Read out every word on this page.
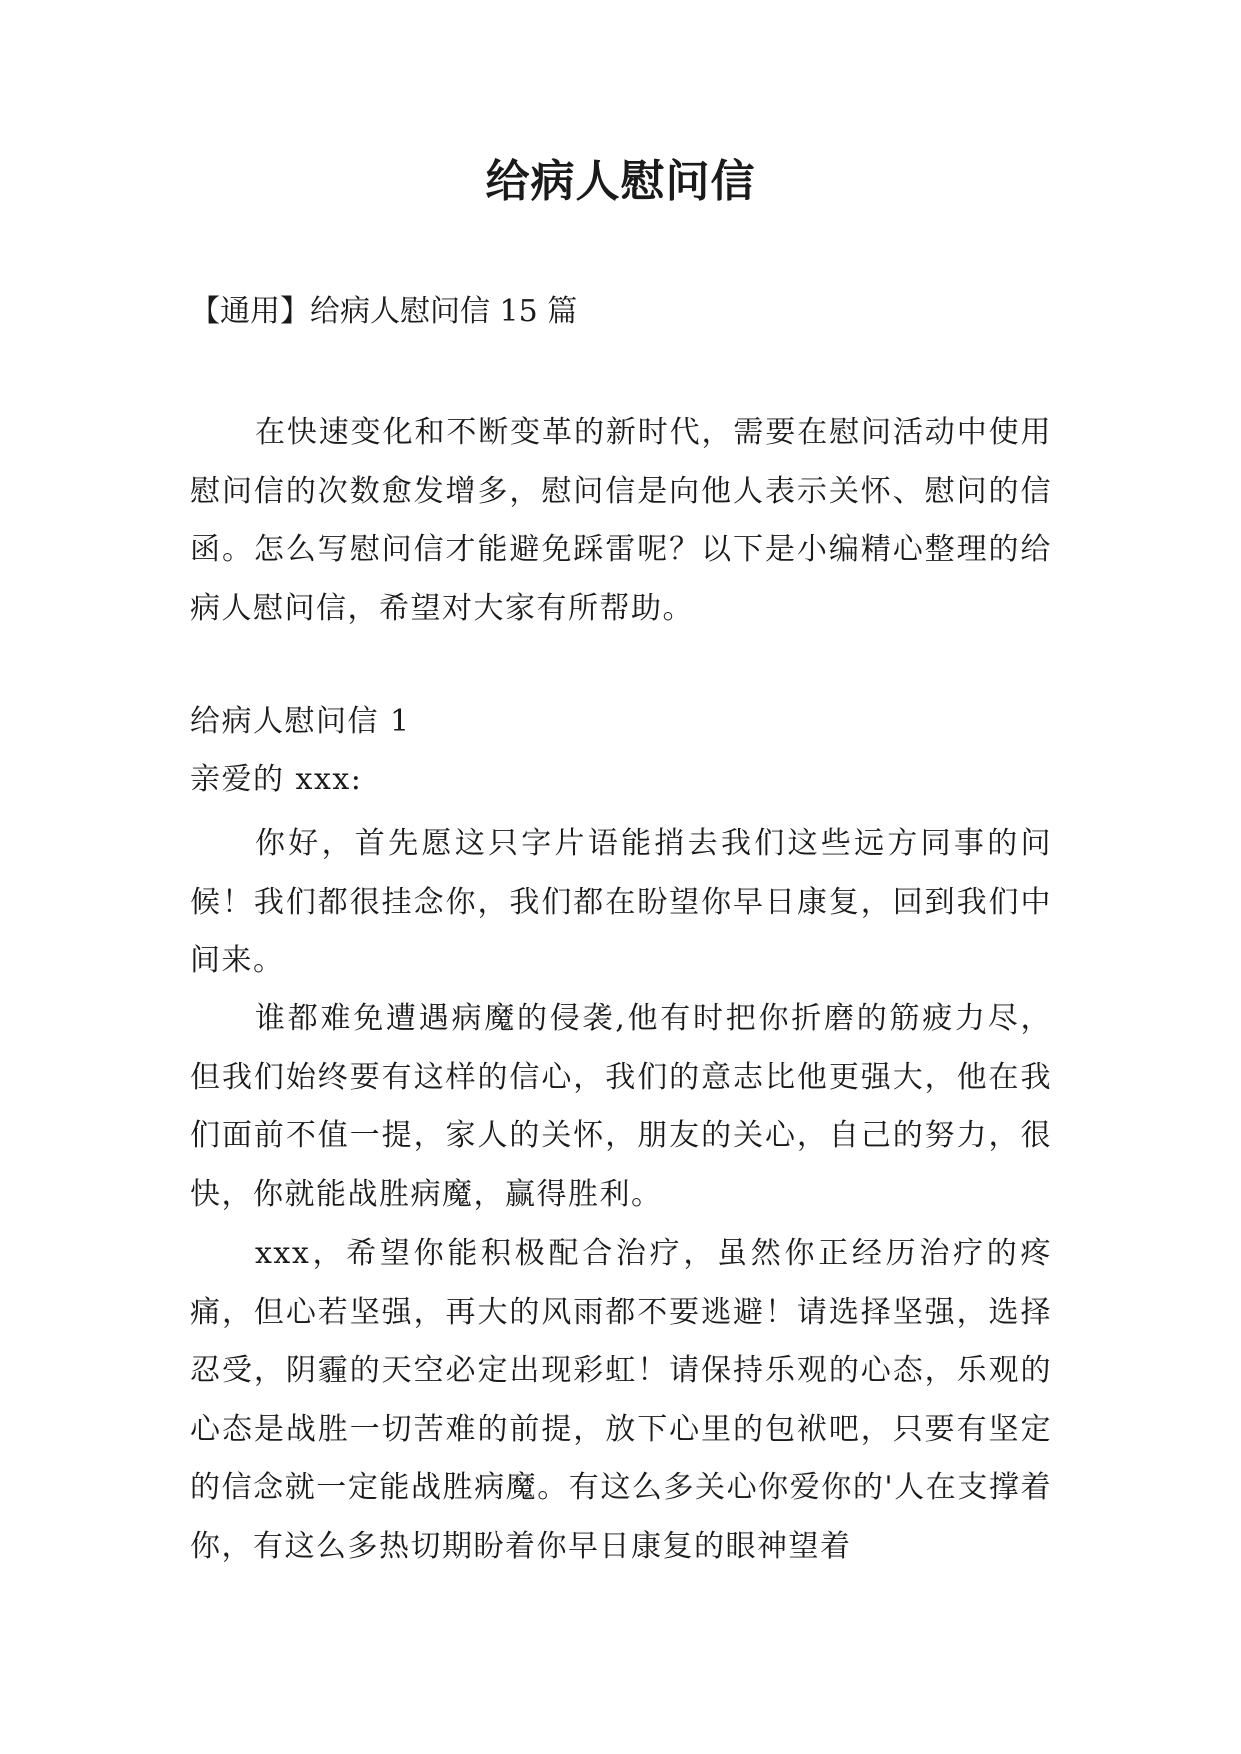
给病人慰问信
【通用】给病人慰问信 15 篇

在快速变化和不断变革的新时代，需要在慰问活动中使用慰问信的次数愈发增多，慰问信是向他人表示关怀、慰问的信函。怎么写慰问信才能避免踩雷呢？以下是小编精心整理的给病人慰问信，希望对大家有所帮助。

给病人慰问信 1

亲爱的 xxx:

你好，首先愿这只字片语能捎去我们这些远方同事的问候！我们都很挂念你，我们都在盼望你早日康复，回到我们中间来。

谁都难免遭遇病魔的侵袭,他有时把你折磨的筋疲力尽，但我们始终要有这样的信心，我们的意志比他更强大，他在我们面前不值一提，家人的关怀，朋友的关心，自己的努力，很快，你就能战胜病魔，赢得胜利。

xxx，希望你能积极配合治疗，虽然你正经历治疗的疼痛，但心若坚强，再大的风雨都不要逃避！请选择坚强，选择忍受，阴霾的天空必定出现彩虹！请保持乐观的心态，乐观的心态是战胜一切苦难的前提，放下心里的包袱吧，只要有坚定的信念就一定能战胜病魔。有这么多关心你爱你的'人在支撑着你，有这么多热切期盼着你早日康复的眼神望着
